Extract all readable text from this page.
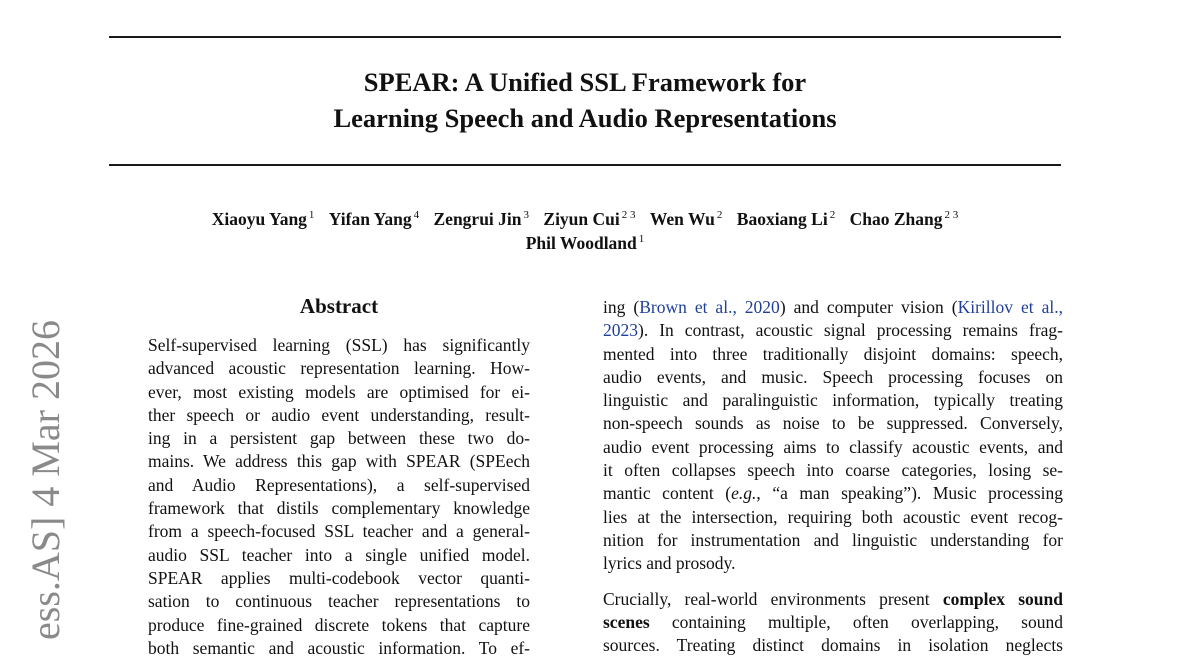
SPEAR: A Unified SSL Framework for
Learning Speech and Audio Representations
Xiaoyu Yang $^1$ Yifan Yang $^4$ Zengrui Jin $^3$ Ziyun Cui $^{2 3}$ Wen Wu $^2$ Baoxiang Li $^2$ Chao Zhang $^{2 3}$
Phil Woodland $^1$
ess.AS] 4 Mar 2026
Abstract
Self-supervised learning (SSL) has significantly
advanced acoustic representation learning. How-
ever, most existing models are optimised for ei-
ther speech or audio event understanding, result-
ing in a persistent gap between these two do-
mains. We address this gap with SPEAR (SPEech
and Audio Representations), a self-supervised
framework that distils complementary knowledge
from a speech-focused SSL teacher and a general-
audio SSL teacher into a single unified model.
SPEAR applies multi-codebook vector quanti-
sation to continuous teacher representations to
produce fine-grained discrete tokens that capture
both semantic and acoustic information. To ef-
ing (Brown et al., 2020) and computer vision (Kirillov et al.,
2023). In contrast, acoustic signal processing remains frag-
mented into three traditionally disjoint domains: speech,
audio events, and music. Speech processing focuses on
linguistic and paralinguistic information, typically treating
non-speech sounds as noise to be suppressed. Conversely,
audio event processing aims to classify acoustic events, and
it often collapses speech into coarse categories, losing se-
mantic content (e.g., “a man speaking”). Music processing
lies at the intersection, requiring both acoustic event recog-
nition for instrumentation and linguistic understanding for
lyrics and prosody.
Crucially, real-world environments present complex sound
scenes containing multiple, often overlapping, sound
sources. Treating distinct domains in isolation neglects
